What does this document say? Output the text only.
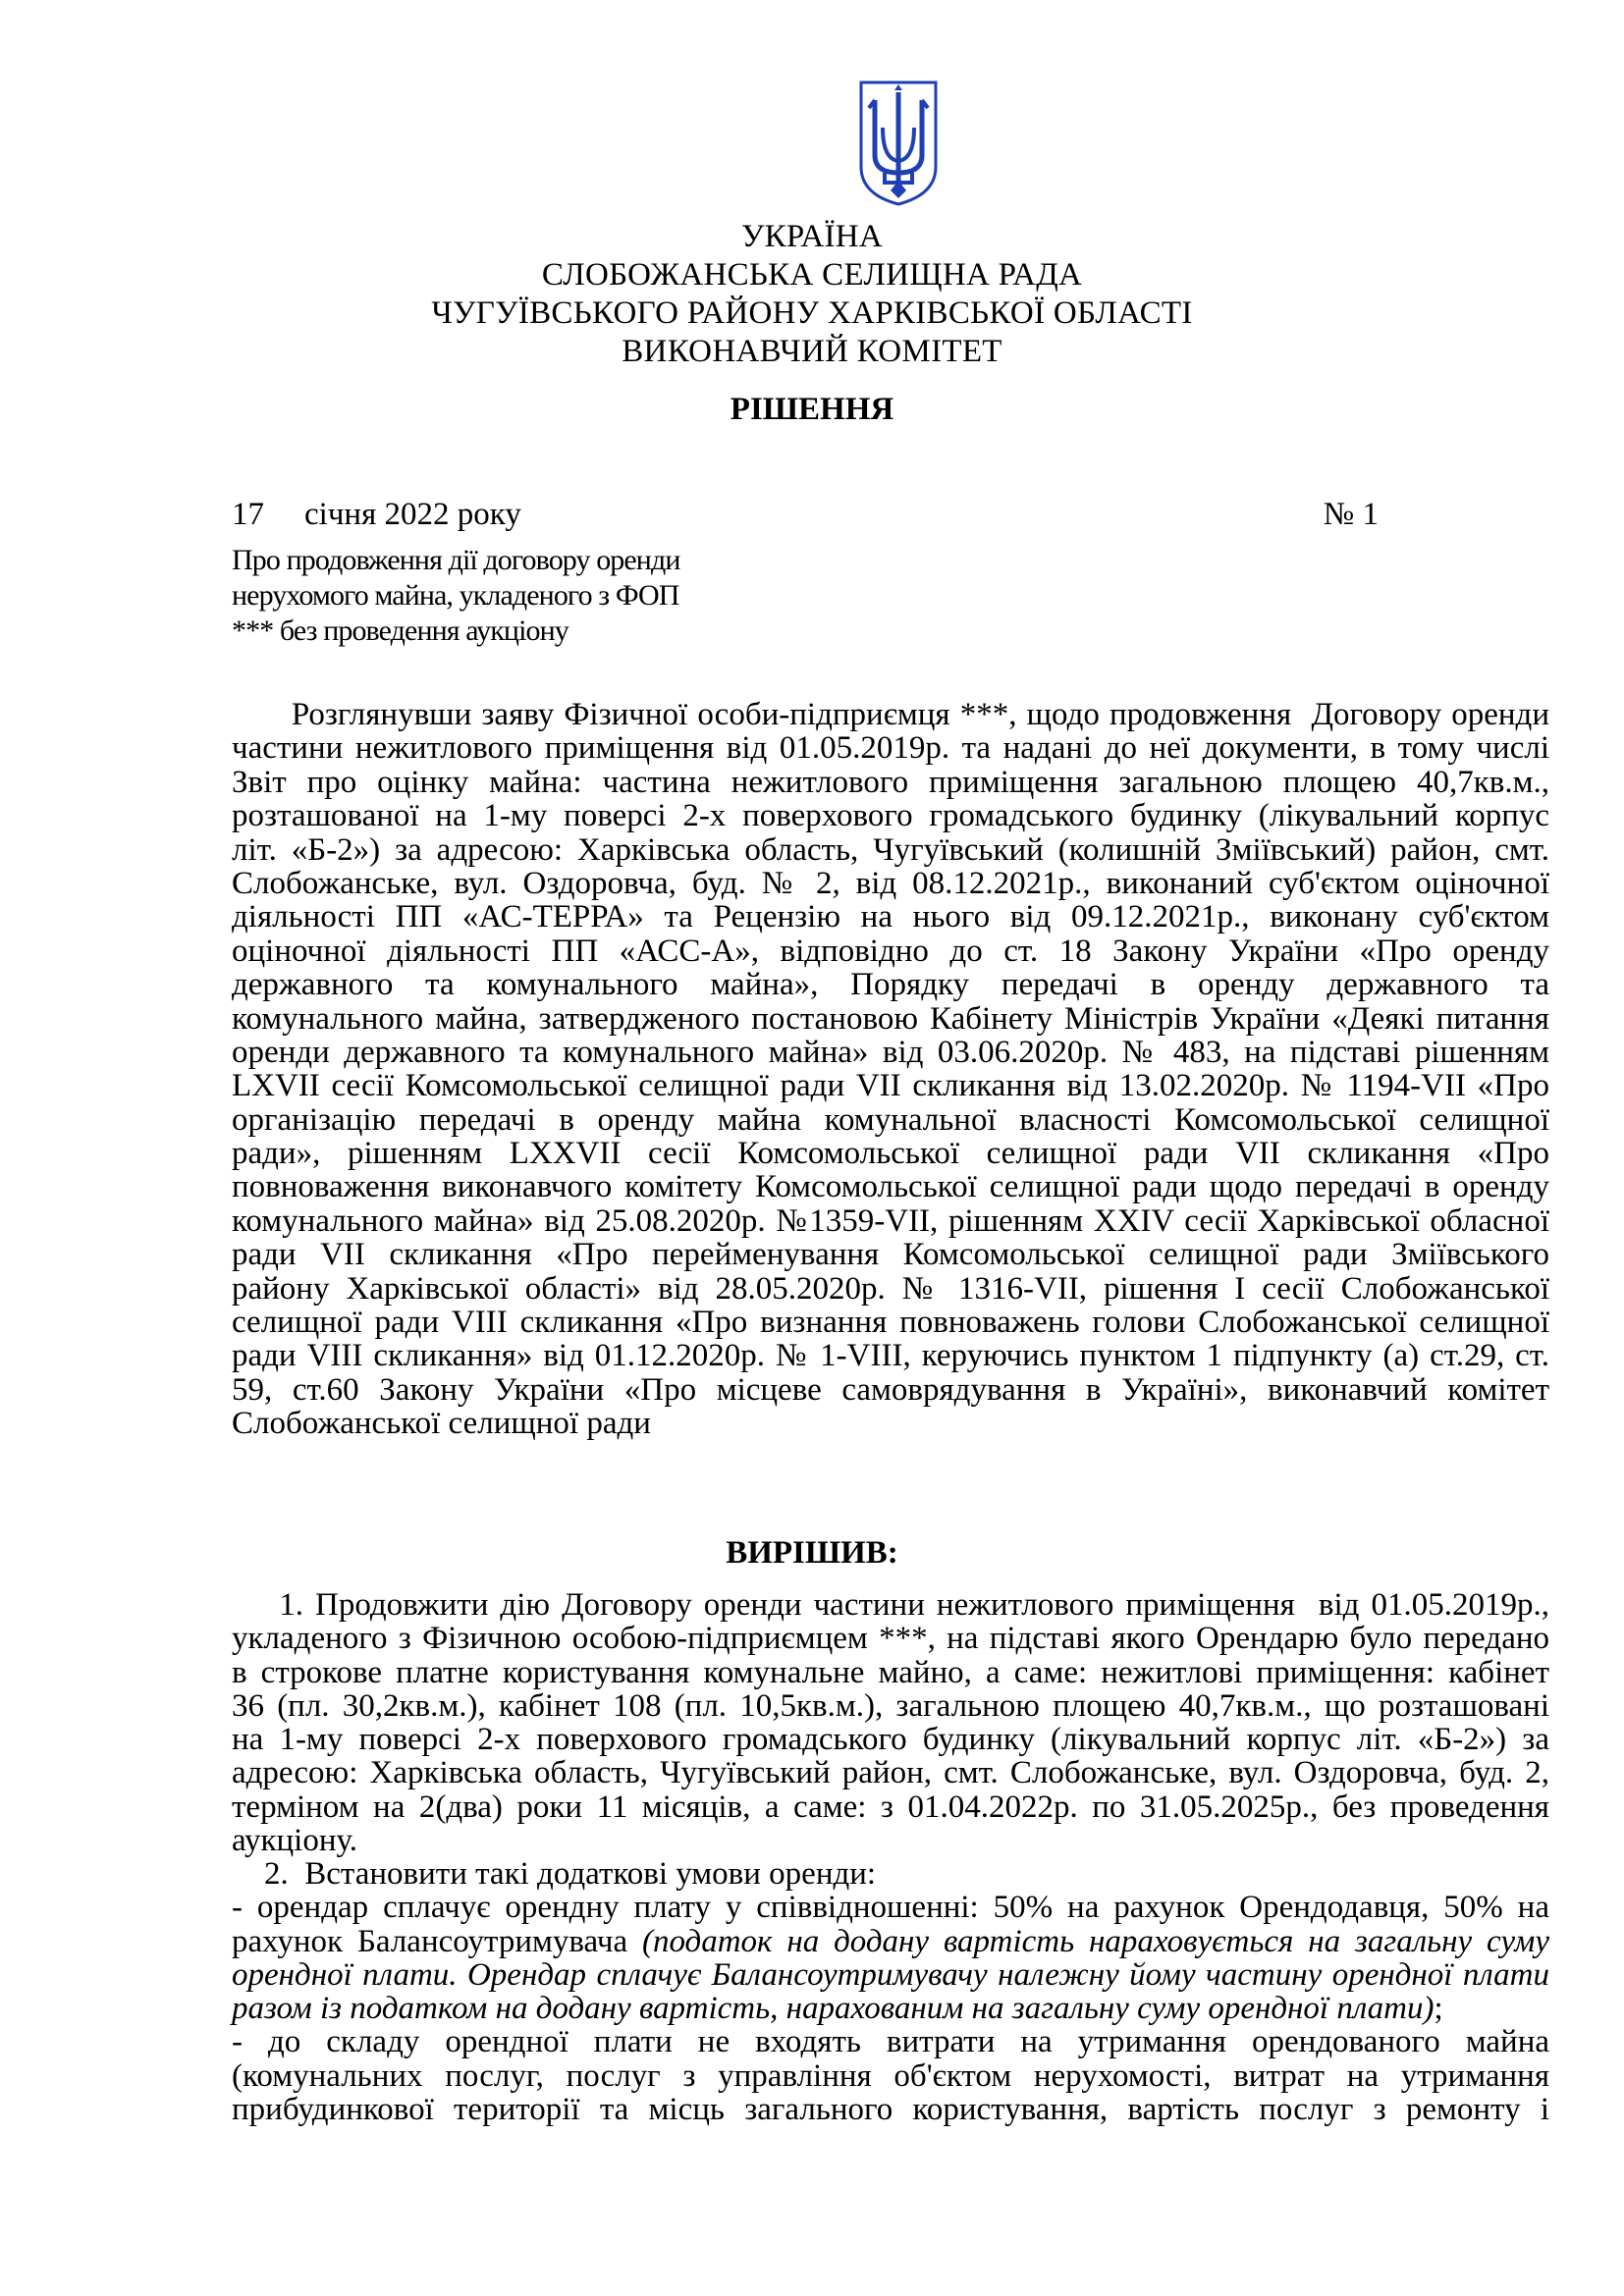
УКРАЇНА
СЛОБОЖАНСЬКА СЕЛИЩНА РАДА
ЧУГУЇВСЬКОГО РАЙОНУ ХАРКІВСЬКОЇ ОБЛАСТІ
ВИКОНАВЧИЙ КОМІТЕТ
РІШЕННЯ
17 січня 2022 року	№ 1
Про продовження дії договору оренди
нерухомого майна, укладеного з ФОП
*** без проведення аукціону
Розглянувши заяву Фізичної особи-підприємця ***, щодо продовження  Договору оренди
частини нежитлового приміщення від 01.05.2019р. та надані до неї документи, в тому числі
Звіт про оцінку майна: частина нежитлового приміщення загальною площею 40,7кв.м.,
розташованої на 1-му поверсі 2-х поверхового громадського будинку (лікувальний корпус
літ. «Б-2») за адресою: Харківська область, Чугуївський (колишній Зміївський) район, смт.
Слобожанське, вул. Оздоровча, буд. № 2, від 08.12.2021р., виконаний суб'єктом оціночної
діяльності ПП «АС-ТЕРРА» та Рецензію на нього від 09.12.2021р., виконану суб'єктом
оціночної діяльності ПП «АСС-А», відповідно до ст. 18 Закону України «Про оренду
державного та комунального майна», Порядку передачі в оренду державного та
комунального майна, затвердженого постановою Кабінету Міністрів України «Деякі питання
оренди державного та комунального майна» від 03.06.2020р. № 483, на підставі рішенням
LXVII сесії Комсомольської селищної ради VII скликання від 13.02.2020р. № 1194-VII «Про
організацію передачі в оренду майна комунальної власності Комсомольської селищної
ради», рішенням LXXVII сесії Комсомольської селищної ради VII скликання «Про
повноваження виконавчого комітету Комсомольської селищної ради щодо передачі в оренду
комунального майна» від 25.08.2020р. №1359-VII, рішенням XXIV сесії Харківської обласної
ради VII скликання «Про перейменування Комсомольської селищної ради Зміївського
району Харківської області» від 28.05.2020р. № 1316-VII, рішення I сесії Слобожанської
селищної ради VIII скликання «Про визнання повноважень голови Слобожанської селищної
ради VIII скликання» від 01.12.2020р. № 1-VIII, керуючись пунктом 1 підпункту (а) ст.29, ст.
59, ст.60 Закону України «Про місцеве самоврядування в Україні», виконавчий комітет
Слобожанської селищної ради
ВИРІШИВ:
1. Продовжити дію Договору оренди частини нежитлового приміщення  від 01.05.2019р.,
укладеного з Фізичною особою-підприємцем ***, на підставі якого Орендарю було передано
в строкове платне користування комунальне майно, а саме: нежитлові приміщення: кабінет
36 (пл. 30,2кв.м.), кабінет 108 (пл. 10,5кв.м.), загальною площею 40,7кв.м., що розташовані
на 1-му поверсі 2-х поверхового громадського будинку (лікувальний корпус літ. «Б-2») за
адресою: Харківська область, Чугуївський район, смт. Слобожанське, вул. Оздоровча, буд. 2,
терміном на 2(два) роки 11 місяців, а саме: з 01.04.2022р. по 31.05.2025р., без проведення
аукціону.
2.  Встановити такі додаткові умови оренди:
- орендар сплачує орендну плату у співвідношенні: 50% на рахунок Орендодавця, 50% на
рахунок Балансоутримувача (податок на додану вартість нараховується на загальну суму
орендної плати. Орендар сплачує Балансоутримувачу належну йому частину орендної плати
разом із податком на додану вартість, нарахованим на загальну суму орендної плати);
- до складу орендної плати не входять витрати на утримання орендованого майна
(комунальних послуг, послуг з управління об'єктом нерухомості, витрат на утримання
прибудинкової території та місць загального користування, вартість послуг з ремонту і
